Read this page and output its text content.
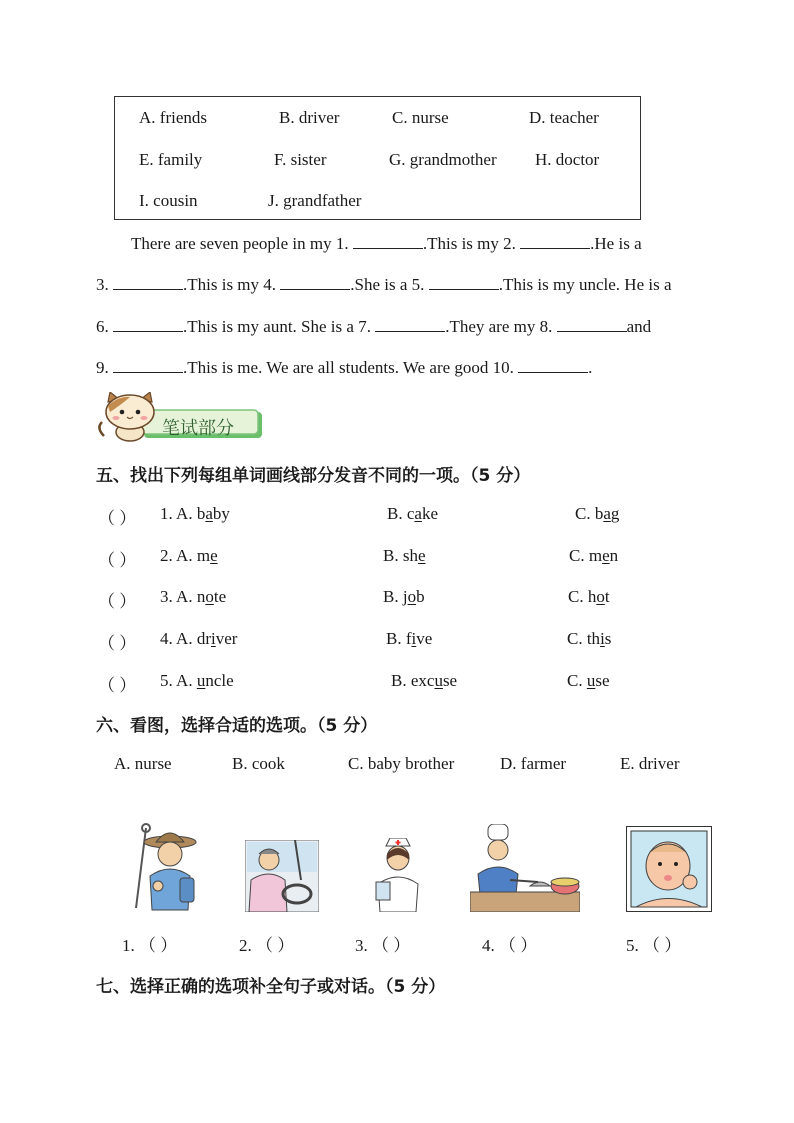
A. friends	B. driver	C. nurse	D. teacher
E. family	F. sister	G. grandmother H. doctor
I. cousin	J. grandfather
There are seven people in my 1.	.This is my 2.	.He is a
3.	.This is my 4.	.She is a 5.	.This is my uncle. He is a
6.	.This is my aunt. She is a 7.	.They are my 8.	and
9.	.This is me. We are all students. We are good 10.	.
笔试部分
五、找出下列每组单词画线部分发音不同的一项。（5 分）
（ ） 1. A. baby	B. cake	C. bag
（ ） 2. A. me	B. she	C. men
（ ） 3. A. note	B. job	C. hot
（ ） 4. A. driver	B. five	C. this
（ ） 5. A. uncle	B. excuse	C. use
六、看图，选择合适的选项。（5 分）
A. nurse	B. cook	C. baby brother	D. farmer	E. driver
1. （ ）	2. （ ）	3. （ ）	4. （ ）	5. （ ）
七、选择正确的选项补全句子或对话。（5 分）
